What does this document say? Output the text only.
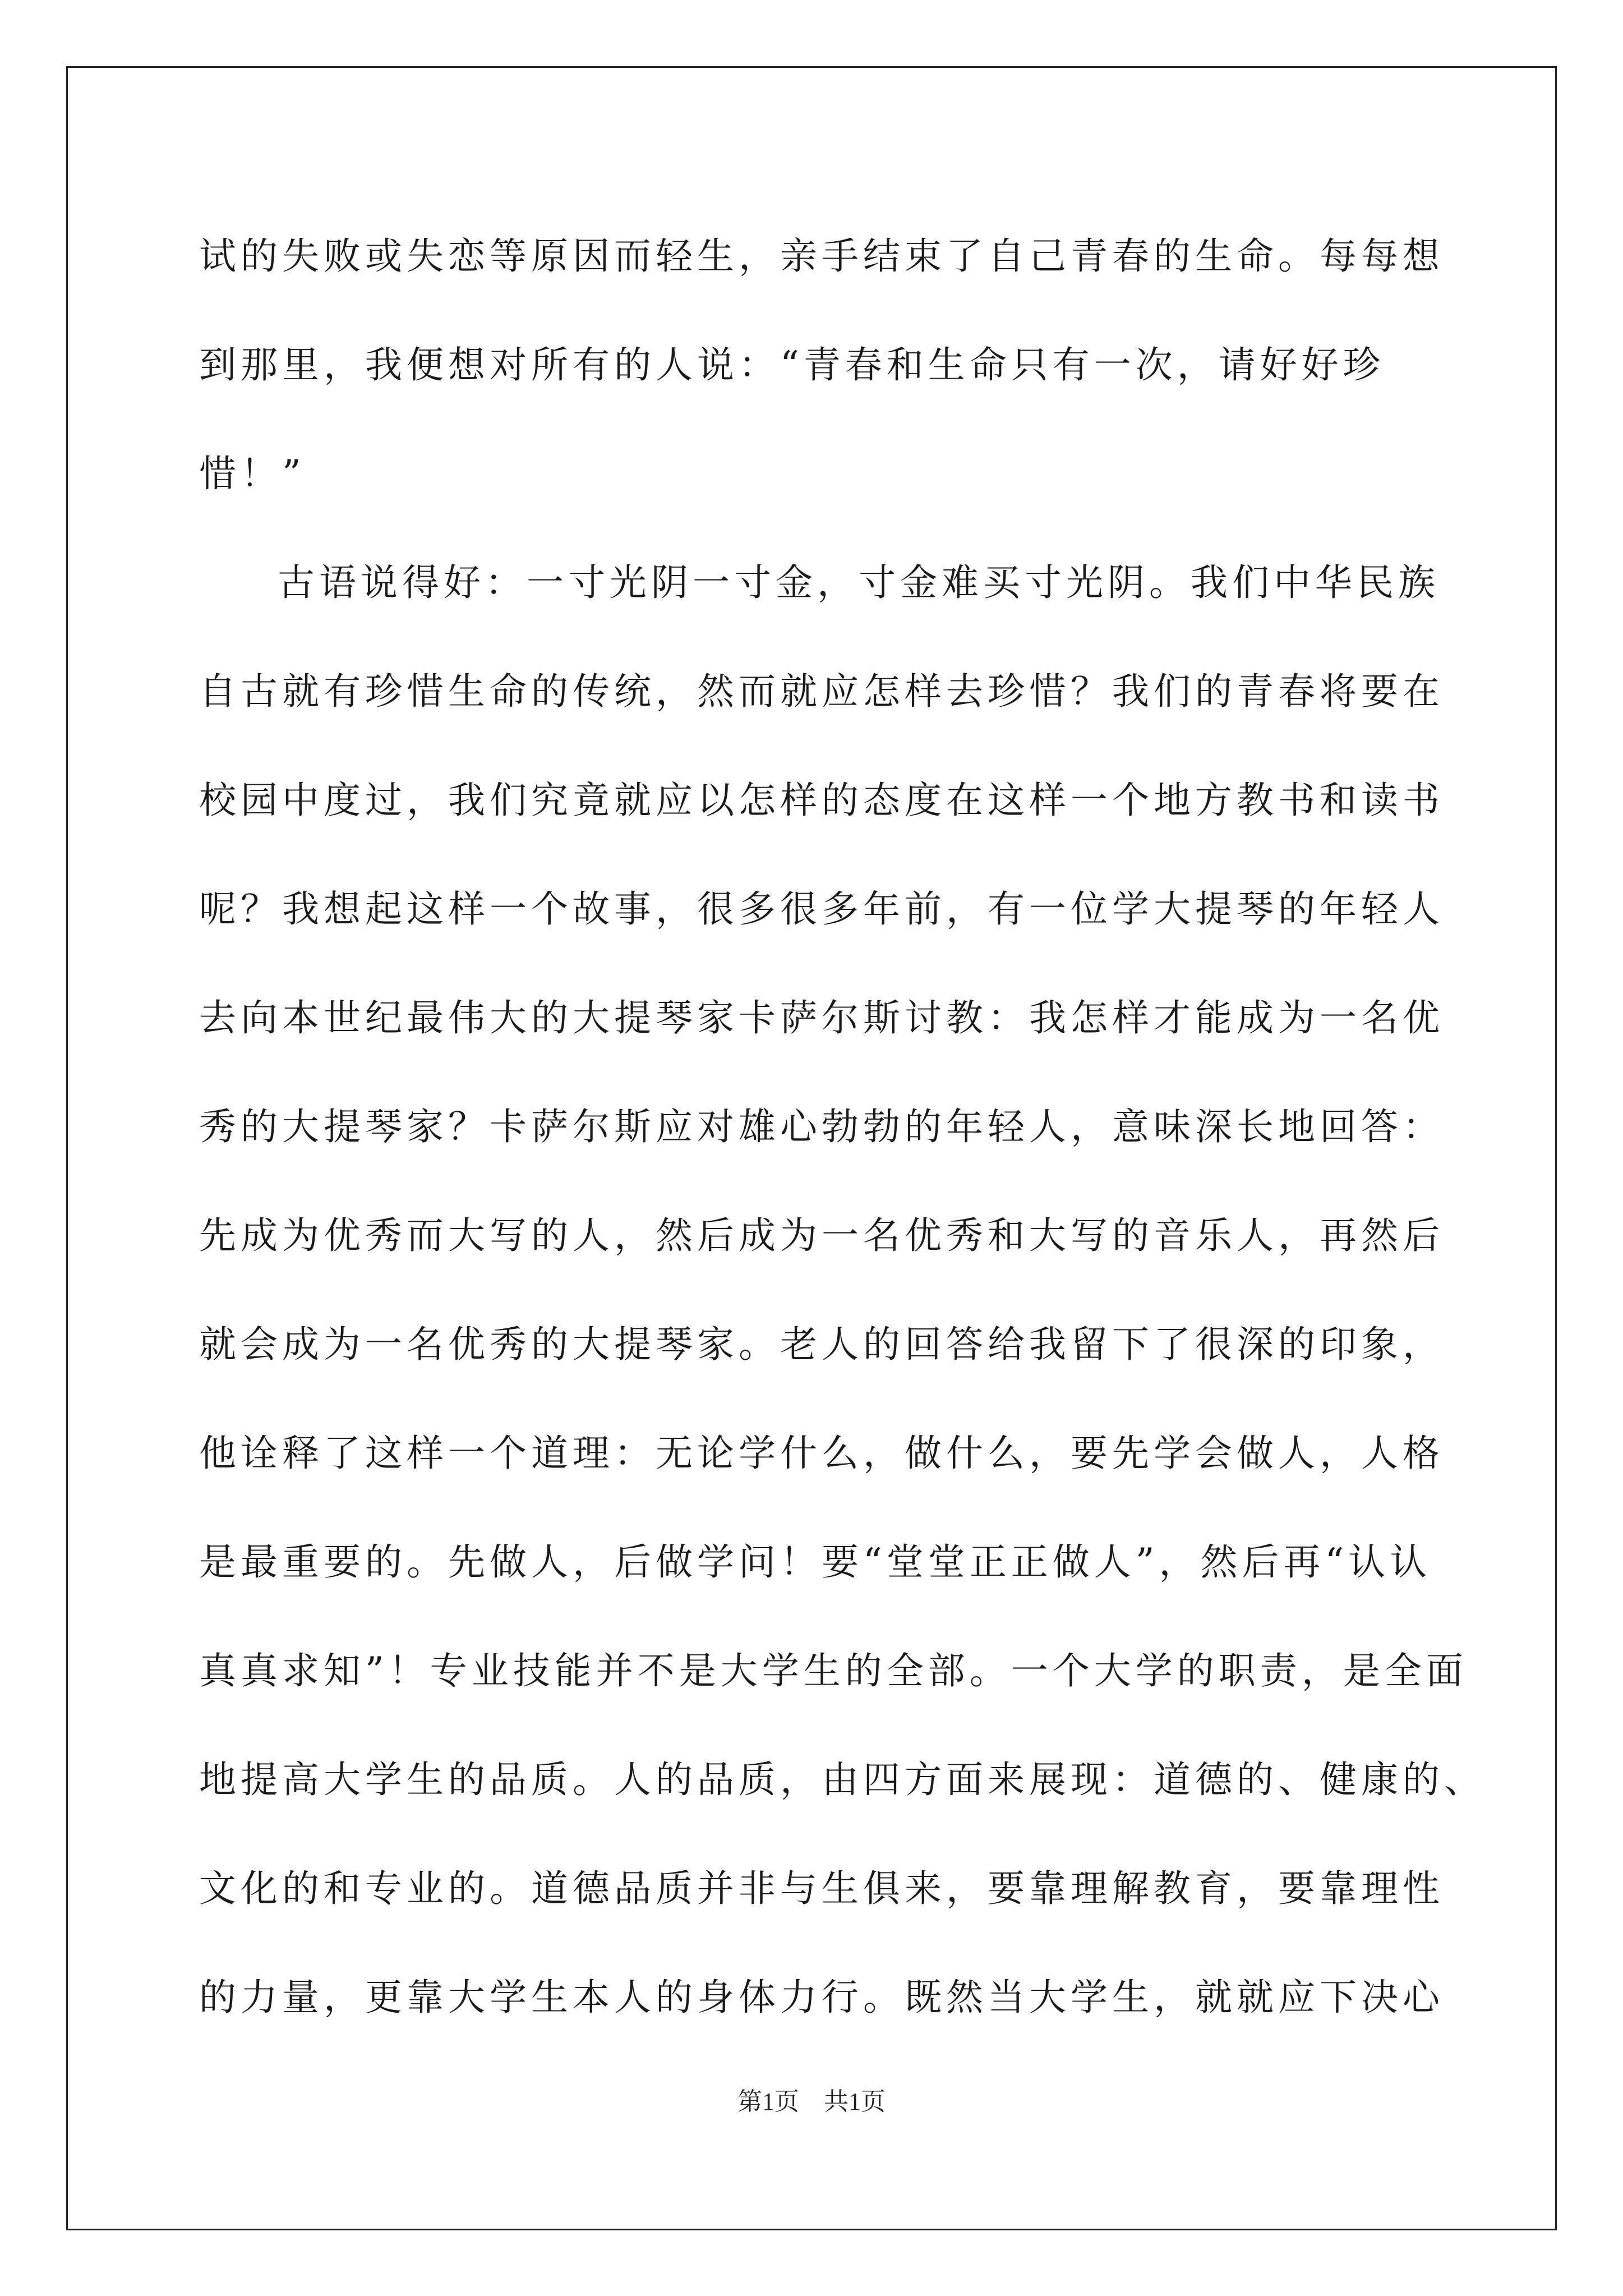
试的失败或失恋等原因而轻生，亲手结束了自己青春的生命。每每想
到那里，我便想对所有的人说：“青春和生命只有一次，请好好珍
惜！”
古语说得好：一寸光阴一寸金，寸金难买寸光阴。我们中华民族
自古就有珍惜生命的传统，然而就应怎样去珍惜？我们的青春将要在
校园中度过，我们究竟就应以怎样的态度在这样一个地方教书和读书
呢？我想起这样一个故事，很多很多年前，有一位学大提琴的年轻人
去向本世纪最伟大的大提琴家卡萨尔斯讨教：我怎样才能成为一名优
秀的大提琴家？卡萨尔斯应对雄心勃勃的年轻人，意味深长地回答：
先成为优秀而大写的人，然后成为一名优秀和大写的音乐人，再然后
就会成为一名优秀的大提琴家。老人的回答给我留下了很深的印象，
他诠释了这样一个道理：无论学什么，做什么，要先学会做人，人格
是最重要的。先做人，后做学问！要“堂堂正正做人”，然后再“认认
真真求知”！专业技能并不是大学生的全部。一个大学的职责，是全面
地提高大学生的品质。人的品质，由四方面来展现：道德的、健康的、
文化的和专业的。道德品质并非与生俱来，要靠理解教育，要靠理性
的力量，更靠大学生本人的身体力行。既然当大学生，就就应下决心
第1页　共1页
